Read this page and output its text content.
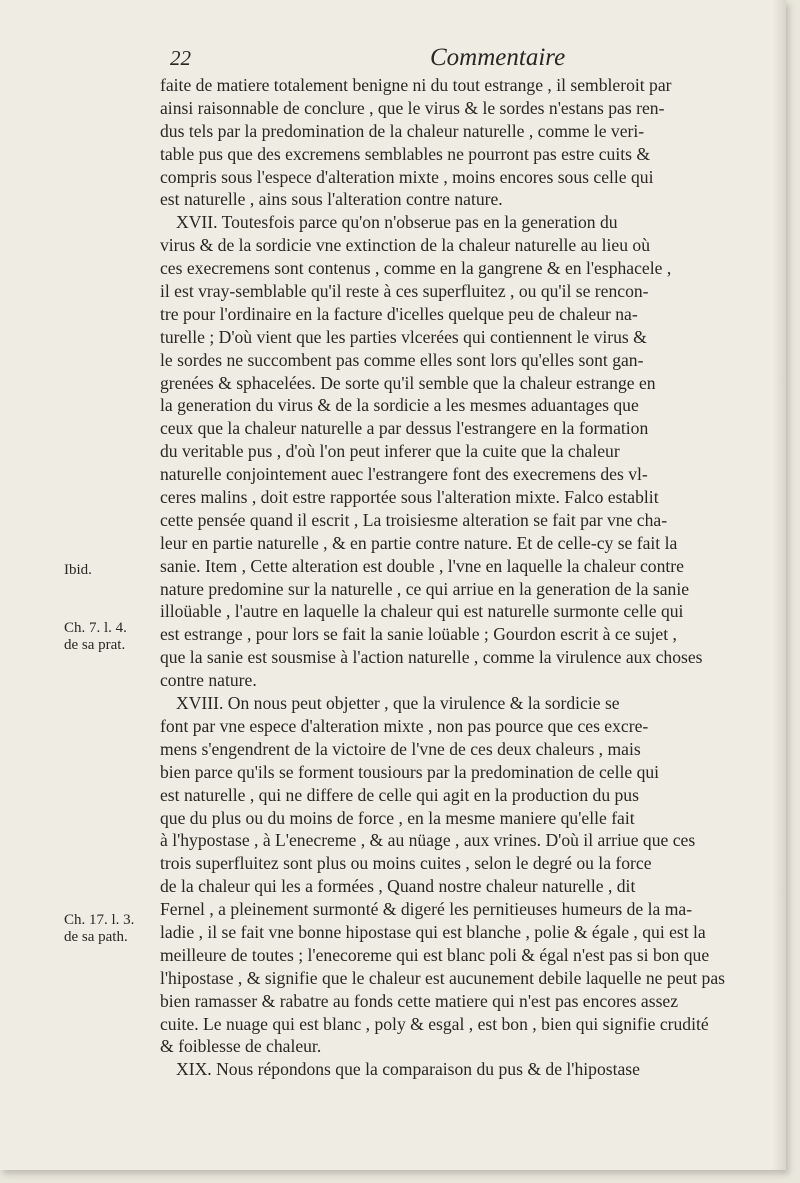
22	Commentaire
Ibid.
Ch. 7. l. 4.
de sa prat.
Ch. 17. l. 3.
de sa path.
faite de matiere totalement benigne ni du tout estrange , il sembleroit par
ainsi raisonnable de conclure , que le virus & le sordes n'estans pas ren-
dus tels par la predomination de la chaleur naturelle , comme le veri-
table pus que des excremens semblables ne pourront pas estre cuits &
compris sous l'espece d'alteration mixte , moins encores sous celle qui
est naturelle , ains sous l'alteration contre nature.
XVII. Toutesfois parce qu'on n'obserue pas en la generation du
virus & de la sordicie vne extinction de la chaleur naturelle au lieu où
ces execremens sont contenus , comme en la gangrene & en l'esphacele ,
il est vray-semblable qu'il reste à ces superfluitez , ou qu'il se rencon-
tre pour l'ordinaire en la facture d'icelles quelque peu de chaleur na-
turelle ; D'où vient que les parties vlcerées qui contiennent le virus &
le sordes ne succombent pas comme elles sont lors qu'elles sont gan-
grenées & sphacelées. De sorte qu'il semble que la chaleur estrange en
la generation du virus & de la sordicie a les mesmes aduantages que
ceux que la chaleur naturelle a par dessus l'estrangere en la formation
du veritable pus , d'où l'on peut inferer que la cuite que la chaleur
naturelle conjointement auec l'estrangere font des execremens des vl-
ceres malins , doit estre rapportée sous l'alteration mixte. Falco establit
cette pensée quand il escrit , La troisiesme alteration se fait par vne cha-
leur en partie naturelle , & en partie contre nature. Et de celle-cy se fait la
sanie. Item , Cette alteration est double , l'vne en laquelle la chaleur contre
nature predomine sur la naturelle , ce qui arriue en la generation de la sanie
illoüable , l'autre en laquelle la chaleur qui est naturelle surmonte celle qui
est estrange , pour lors se fait la sanie loüable ; Gourdon escrit à ce sujet ,
que la sanie est sousmise à l'action naturelle , comme la virulence aux choses
contre nature.
XVIII. On nous peut objetter , que la virulence & la sordicie se
font par vne espece d'alteration mixte , non pas pource que ces excre-
mens s'engendrent de la victoire de l'vne de ces deux chaleurs , mais
bien parce qu'ils se forment tousiours par la predomination de celle qui
est naturelle , qui ne differe de celle qui agit en la production du pus
que du plus ou du moins de force , en la mesme maniere qu'elle fait
à l'hypostase , à L'enecreme , & au nüage , aux vrines. D'où il arriue que ces
trois superfluitez sont plus ou moins cuites , selon le degré ou la force
de la chaleur qui les a formées , Quand nostre chaleur naturelle , dit
Fernel , a pleinement surmonté & digeré les pernitieuses humeurs de la ma-
ladie , il se fait vne bonne hipostase qui est blanche , polie & égale , qui est la
meilleure de toutes ; l'enecoreme qui est blanc poli & égal n'est pas si bon que
l'hipostase , & signifie que le chaleur est aucunement debile laquelle ne peut pas
bien ramasser & rabatre au fonds cette matiere qui n'est pas encores assez
cuite. Le nuage qui est blanc , poly & esgal , est bon , bien qui signifie crudité
& foiblesse de chaleur.
XIX. Nous répondons que la comparaison du pus & de l'hipostase
